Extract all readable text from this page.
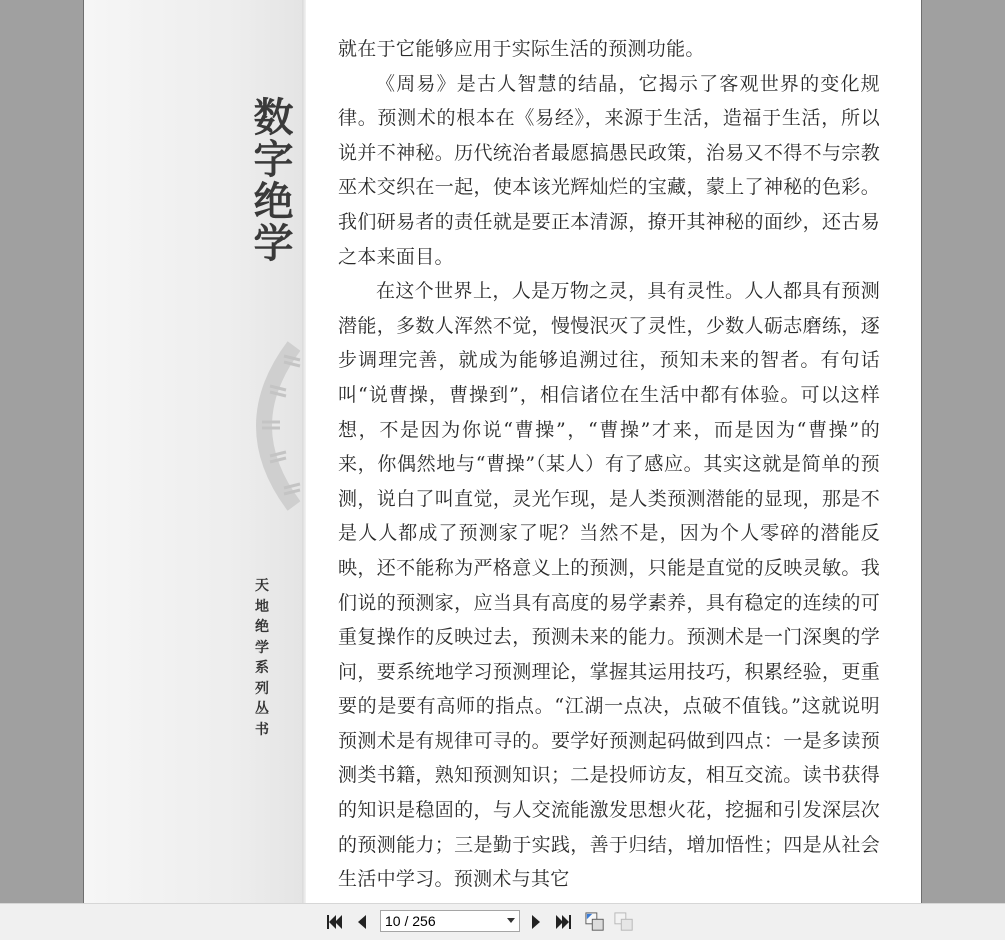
数字绝学
天
地
绝
学
系
列
丛
书

就在于它能够应用于实际生活的预测功能。

《周易》是古人智慧的结晶，它揭示了客观世界的变化规律。预测术的根本在《易经》，来源于生活，造福于生活，所以说并不神秘。历代统治者最愿搞愚民政策，治易又不得不与宗教巫术交织在一起，使本该光辉灿烂的宝藏，蒙上了神秘的色彩。我们研易者的责任就是要正本清源，撩开其神秘的面纱，还古易之本来面目。

在这个世界上，人是万物之灵，具有灵性。人人都具有预测潜能，多数人浑然不觉，慢慢泯灭了灵性，少数人砺志磨练，逐步调理完善，就成为能够追溯过往，预知未来的智者。有句话叫“说曹操，曹操到”，相信诸位在生活中都有体验。可以这样想，不是因为你说“曹操”，“曹操”才来，而是因为“曹操”的来，你偶然地与“曹操”（某人）有了感应。其实这就是简单的预测，说白了叫直觉，灵光乍现，是人类预测潜能的显现，那是不是人人都成了预测家了呢？当然不是，因为个人零碎的潜能反映，还不能称为严格意义上的预测，只能是直觉的反映灵敏。我们说的预测家，应当具有高度的易学素养，具有稳定的连续的可重复操作的反映过去，预测未来的能力。预测术是一门深奥的学问，要系统地学习预测理论，掌握其运用技巧，积累经验，更重要的是要有高师的指点。“江湖一点决，点破不值钱。”这就说明预测术是有规律可寻的。要学好预测起码做到四点：一是多读预测类书籍，熟知预测知识；二是投师访友，相互交流。读书获得的知识是稳固的，与人交流能激发思想火花，挖掘和引发深层次的预测能力；三是勤于实践，善于归结，增加悟性；四是从社会生活中学习。预测术与其它

10 / 256
